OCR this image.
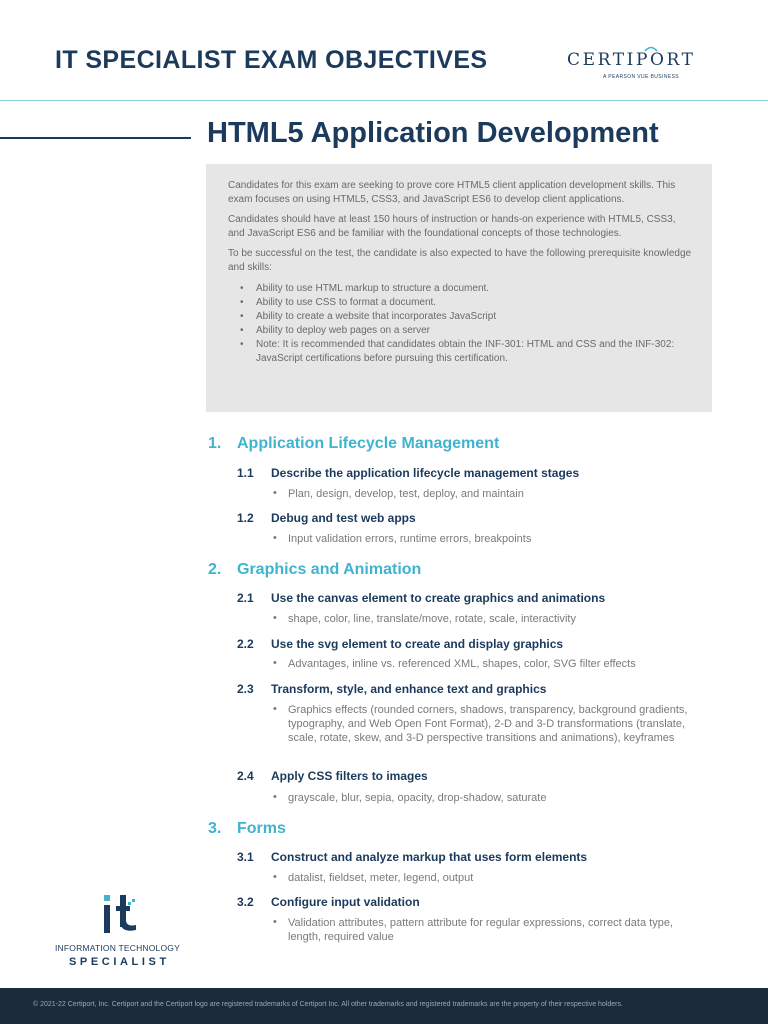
IT SPECIALIST EXAM OBJECTIVES	CERTIPORT
A PEARSON VUE BUSINESS
HTML5 Application Development

Candidates for this exam are seeking to prove core HTML5 client application development skills. This exam focuses on using HTML5, CSS3, and JavaScript ES6 to develop client applications.

Candidates should have at least 150 hours of instruction or hands-on experience with HTML5, CSS3, and JavaScript ES6 and be familiar with the foundational concepts of those technologies.

To be successful on the test, the candidate is also expected to have the following prerequisite knowledge and skills:

• Ability to use HTML markup to structure a document.
• Ability to use CSS to format a document.
• Ability to create a website that incorporates JavaScript
• Ability to deploy web pages on a server
• Note: It is recommended that candidates obtain the INF-301: HTML and CSS and the INF-302: JavaScript certifications before pursuing this certification.
1. Application Lifecycle Management
1.1 Describe the application lifecycle management stages
• Plan, design, develop, test, deploy, and maintain
1.2 Debug and test web apps
• Input validation errors, runtime errors, breakpoints
2. Graphics and Animation
2.1 Use the canvas element to create graphics and animations
• shape, color, line, translate/move, rotate, scale, interactivity
2.2 Use the svg element to create and display graphics
• Advantages, inline vs. referenced XML, shapes, color, SVG filter effects
2.3 Transform, style, and enhance text and graphics
• Graphics effects (rounded corners, shadows, transparency, background gradients, typography, and Web Open Font Format), 2-D and 3-D transformations (translate, scale, rotate, skew, and 3-D perspective transitions and animations), keyframes
2.4 Apply CSS filters to images
• grayscale, blur, sepia, opacity, drop-shadow, saturate
3. Forms
3.1 Construct and analyze markup that uses form elements
• datalist, fieldset, meter, legend, output
3.2 Configure input validation
• Validation attributes, pattern attribute for regular expressions, correct data type, length, required value
INFORMATION TECHNOLOGY
SPECIALIST
© 2021-22 Certiport, Inc. Certiport and the Certiport logo are registered trademarks of Certiport Inc. All other trademarks and registered trademarks are the property of their respective holders.
